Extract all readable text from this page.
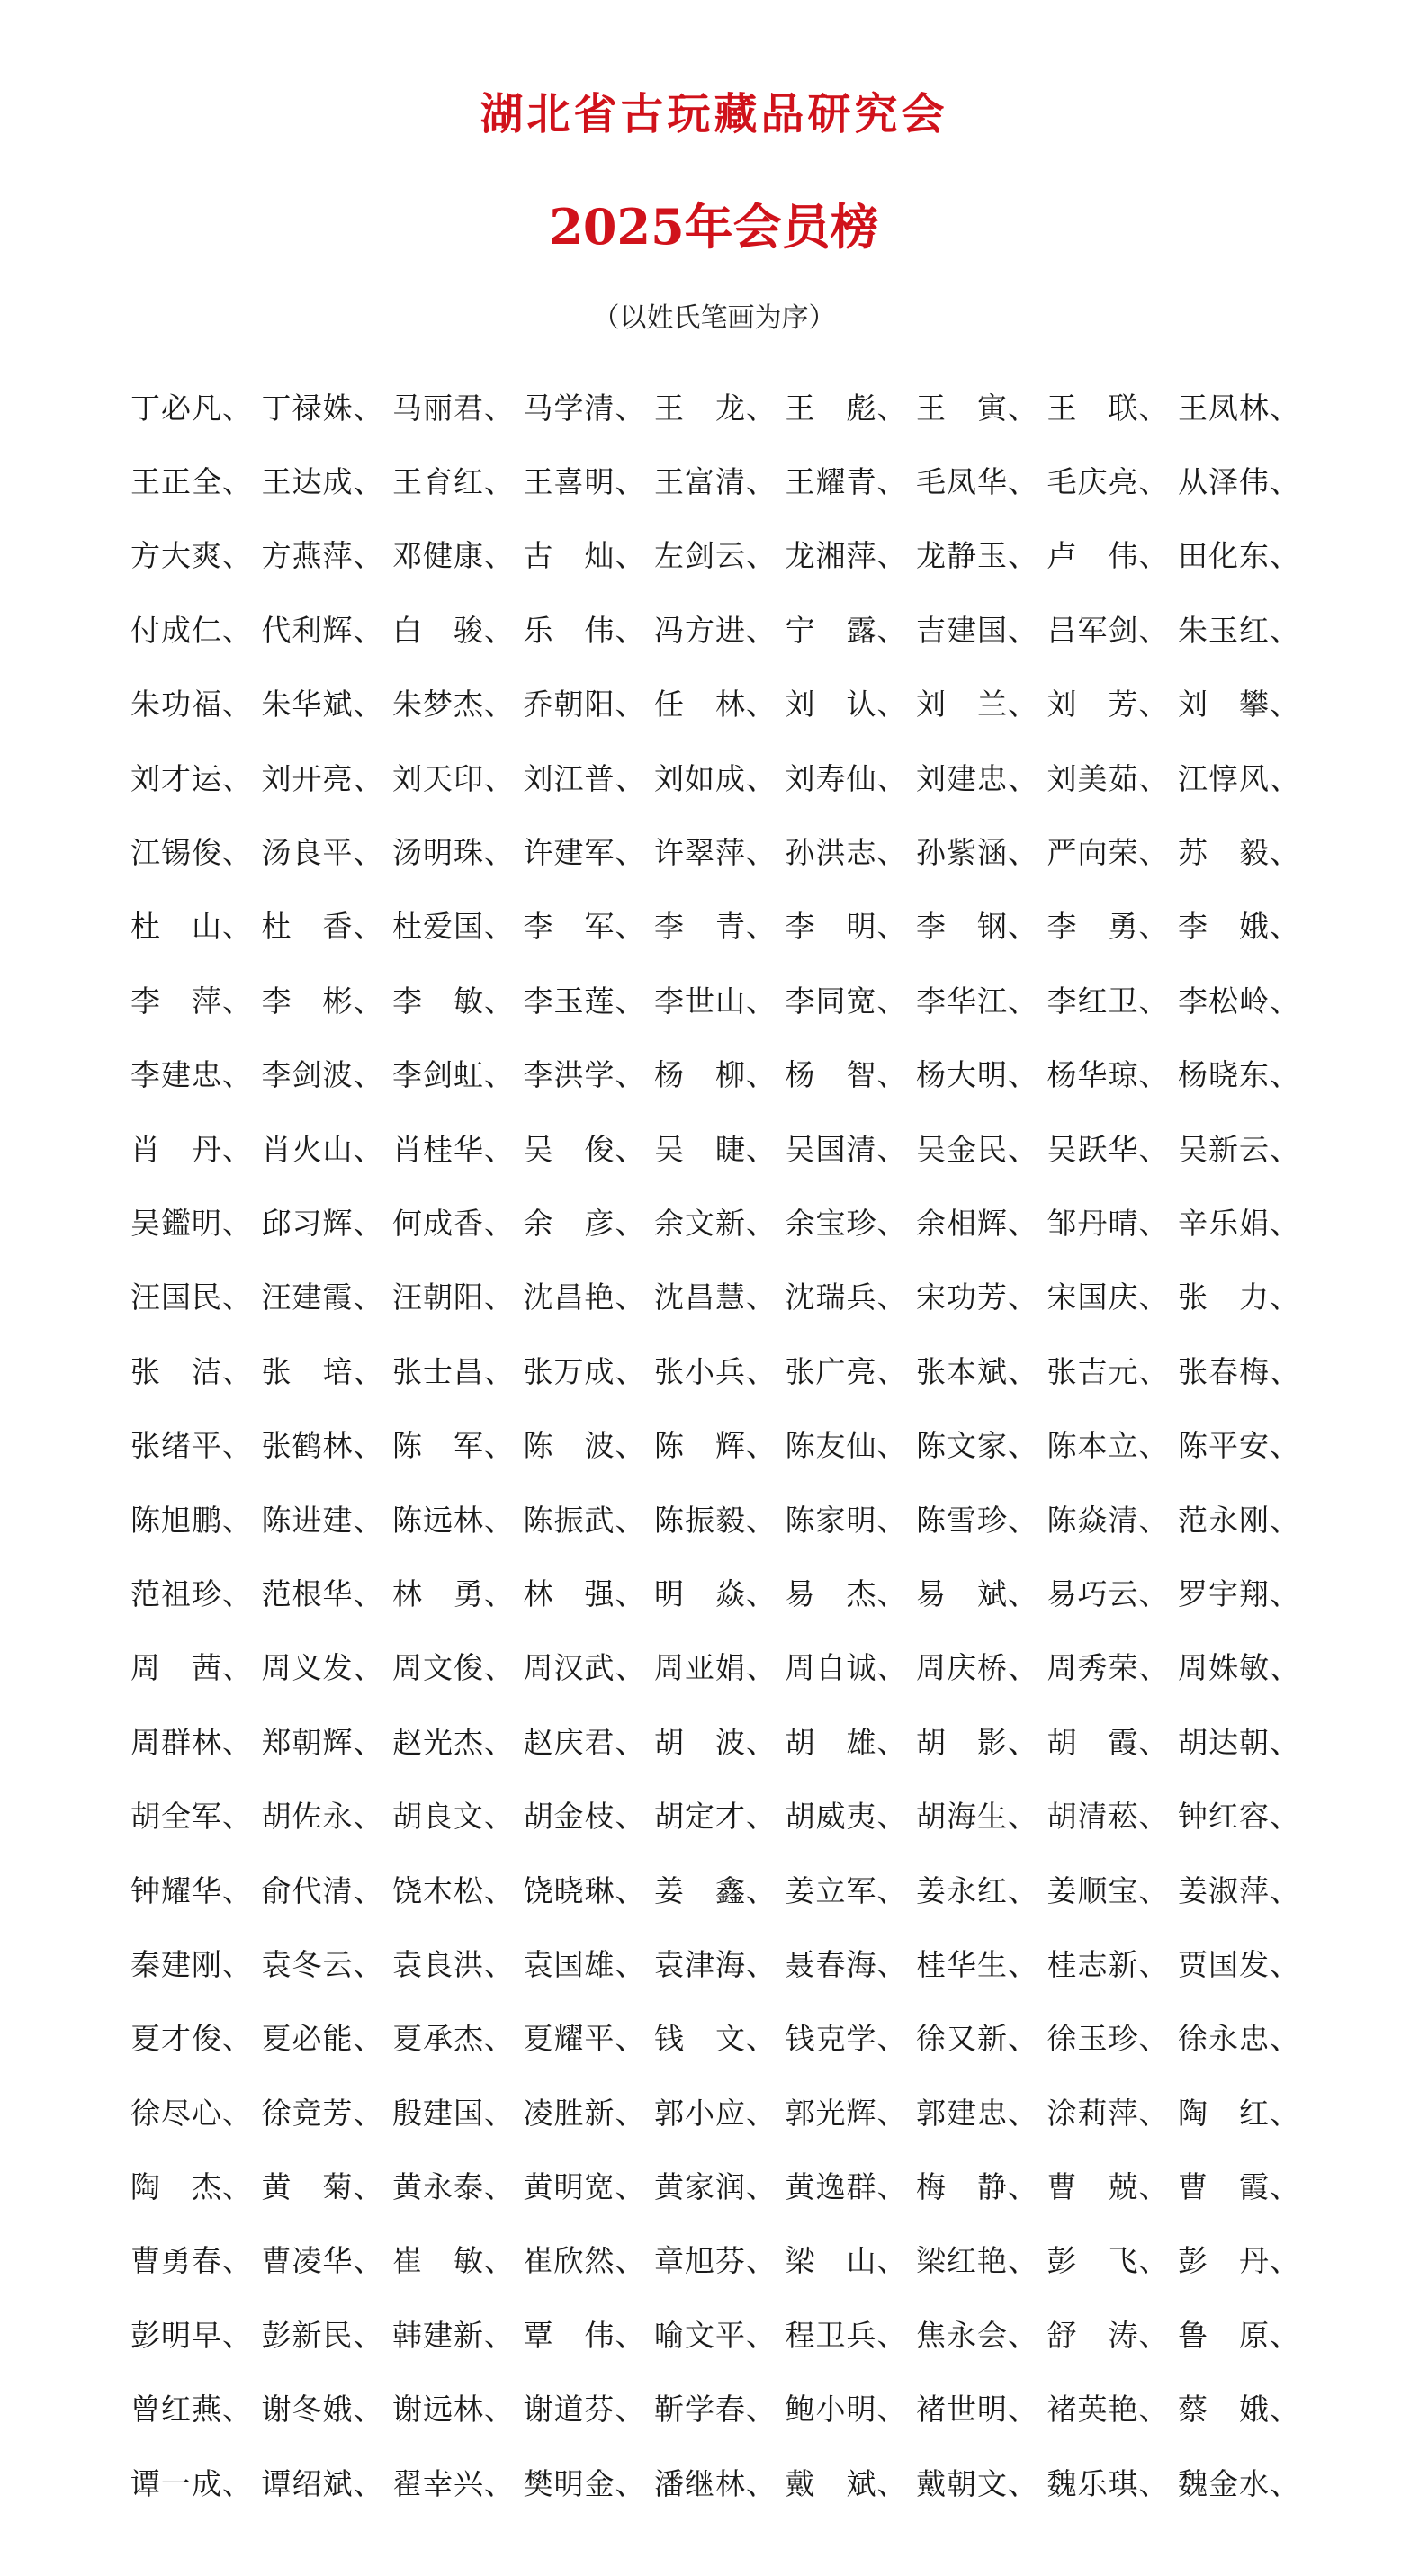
湖北省古玩藏品研究会
2025年会员榜
（以姓氏笔画为序）
丁必凡、 丁禄姝、 马丽君、 马学清、 王　龙、 王　彪、 王　寅、 王　联、 王凤林、
王正全、 王达成、 王育红、 王喜明、 王富清、 王耀青、 毛凤华、 毛庆亮、 从泽伟、
方大爽、 方燕萍、 邓健康、 古　灿、 左剑云、 龙湘萍、 龙静玉、 卢　伟、 田化东、
付成仁、 代利辉、 白　骏、 乐　伟、 冯方进、 宁　露、 吉建国、 吕军剑、 朱玉红、
朱功福、 朱华斌、 朱梦杰、 乔朝阳、 任　林、 刘　认、 刘　兰、 刘　芳、 刘　攀、
刘才运、 刘开亮、 刘天印、 刘江普、 刘如成、 刘寿仙、 刘建忠、 刘美茹、 江惇风、
江锡俊、 汤良平、 汤明珠、 许建军、 许翠萍、 孙洪志、 孙紫涵、 严向荣、 苏　毅、
杜　山、 杜　香、 杜爱国、 李　军、 李　青、 李　明、 李　钢、 李　勇、 李　娥、
李　萍、 李　彬、 李　敏、 李玉莲、 李世山、 李同宽、 李华江、 李红卫、 李松岭、
李建忠、 李剑波、 李剑虹、 李洪学、 杨　柳、 杨　智、 杨大明、 杨华琼、 杨晓东、
肖　丹、 肖火山、 肖桂华、 吴　俊、 吴　睫、 吴国清、 吴金民、 吴跃华、 吴新云、
吴鑑明、 邱习辉、 何成香、 余　彦、 余文新、 余宝珍、 余相辉、 邹丹晴、 辛乐娟、
汪国民、 汪建霞、 汪朝阳、 沈昌艳、 沈昌慧、 沈瑞兵、 宋功芳、 宋国庆、 张　力、
张　洁、 张　培、 张士昌、 张万成、 张小兵、 张广亮、 张本斌、 张吉元、 张春梅、
张绪平、 张鹤林、 陈　军、 陈　波、 陈　辉、 陈友仙、 陈文家、 陈本立、 陈平安、
陈旭鹏、 陈进建、 陈远林、 陈振武、 陈振毅、 陈家明、 陈雪珍、 陈焱清、 范永刚、
范祖珍、 范根华、 林　勇、 林　强、 明　焱、 易　杰、 易　斌、 易巧云、 罗宇翔、
周　茜、 周义发、 周文俊、 周汉武、 周亚娟、 周自诚、 周庆桥、 周秀荣、 周姝敏、
周群林、 郑朝辉、 赵光杰、 赵庆君、 胡　波、 胡　雄、 胡　影、 胡　霞、 胡达朝、
胡全军、 胡佐永、 胡良文、 胡金枝、 胡定才、 胡威夷、 胡海生、 胡清菘、 钟红容、
钟耀华、 俞代清、 饶木松、 饶晓琳、 姜　鑫、 姜立军、 姜永红、 姜顺宝、 姜淑萍、
秦建刚、 袁冬云、 袁良洪、 袁国雄、 袁津海、 聂春海、 桂华生、 桂志新、 贾国发、
夏才俊、 夏必能、 夏承杰、 夏耀平、 钱　文、 钱克学、 徐又新、 徐玉珍、 徐永忠、
徐尽心、 徐竟芳、 殷建国、 凌胜新、 郭小应、 郭光辉、 郭建忠、 涂莉萍、 陶　红、
陶　杰、 黄　菊、 黄永泰、 黄明宽、 黄家润、 黄逸群、 梅　静、 曹　兢、 曹　霞、
曹勇春、 曹凌华、 崔　敏、 崔欣然、 章旭芬、 梁　山、 梁红艳、 彭　飞、 彭　丹、
彭明早、 彭新民、 韩建新、 覃　伟、 喻文平、 程卫兵、 焦永会、 舒　涛、 鲁　原、
曾红燕、 谢冬娥、 谢远林、 谢道芬、 靳学春、 鲍小明、 褚世明、 褚英艳、 蔡　娥、
谭一成、 谭绍斌、 翟幸兴、 樊明金、 潘继林、 戴　斌、 戴朝文、 魏乐琪、 魏金水、
